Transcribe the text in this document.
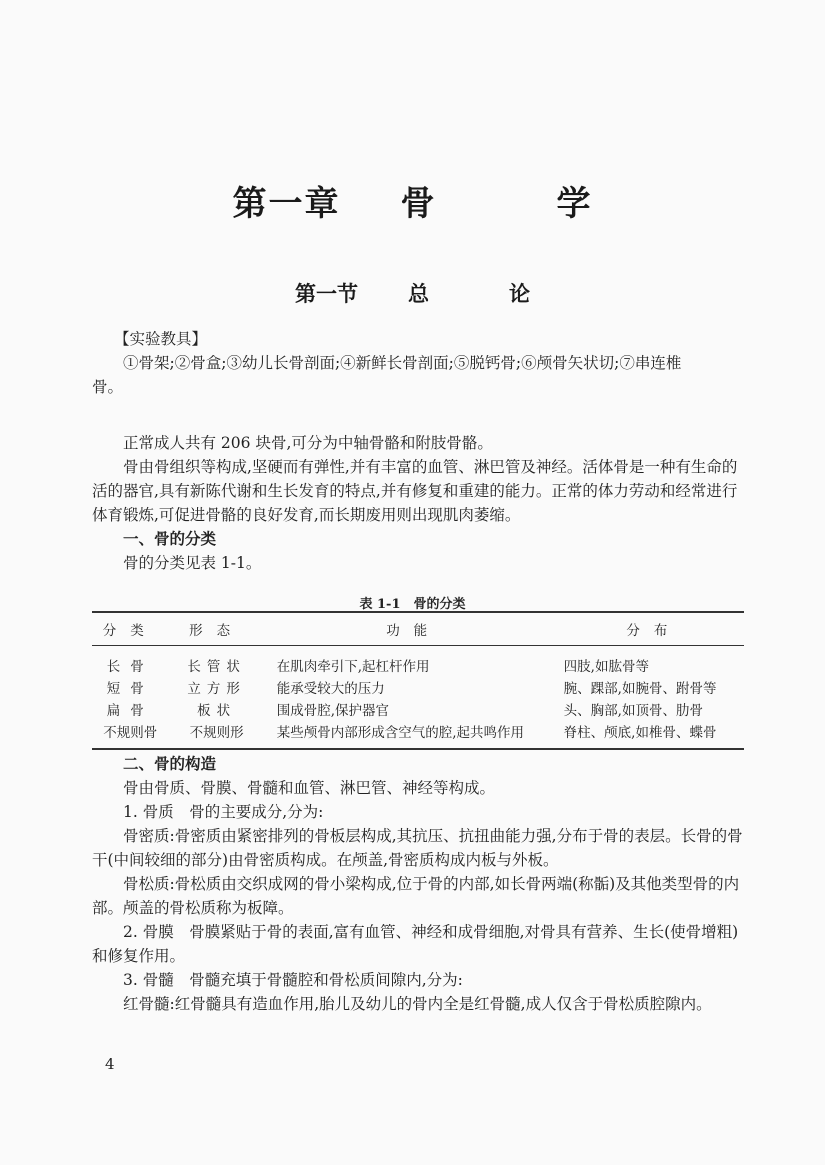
第一章 骨	学
第一节 总	论

【实验教具】

①骨架;②骨盒;③幼儿长骨剖面;④新鲜长骨剖面;⑤脱钙骨;⑥颅骨矢状切;⑦串连椎

骨。

正常成人共有 206 块骨,可分为中轴骨骼和附肢骨骼。

骨由骨组织等构成,坚硬而有弹性,并有丰富的血管、淋巴管及神经。活体骨是一种有生命的活的器官,具有新陈代谢和生长发育的特点,并有修复和重建的能力。正常的体力劳动和经常进行体育锻炼,可促进骨骼的良好发育,而长期废用则出现肌肉萎缩。

一、骨的分类

骨的分类见表 1-1。

表 1-1　骨的分类
分类	形态	功能	分布
长骨	长管状	在肌肉牵引下,起杠杆作用	四肢,如肱骨等
短骨	立方形	能承受较大的压力	腕、踝部,如腕骨、跗骨等
扁骨	板状	围成骨腔,保护器官	头、胸部,如顶骨、肋骨
不规则骨	不规则形	某些颅骨内部形成含空气的腔,起共鸣作用	脊柱、颅底,如椎骨、蝶骨

二、骨的构造

骨由骨质、骨膜、骨髓和血管、淋巴管、神经等构成。

1. 骨质　骨的主要成分,分为:

骨密质:骨密质由紧密排列的骨板层构成,其抗压、抗扭曲能力强,分布于骨的表层。长骨的骨干(中间较细的部分)由骨密质构成。在颅盖,骨密质构成内板与外板。

骨松质:骨松质由交织成网的骨小梁构成,位于骨的内部,如长骨两端(称骺)及其他类型骨的内部。颅盖的骨松质称为板障。

2. 骨膜　骨膜紧贴于骨的表面,富有血管、神经和成骨细胞,对骨具有营养、生长(使骨增粗)和修复作用。

3. 骨髓　骨髓充填于骨髓腔和骨松质间隙内,分为:

红骨髓:红骨髓具有造血作用,胎儿及幼儿的骨内全是红骨髓,成人仅含于骨松质腔隙内。

4
